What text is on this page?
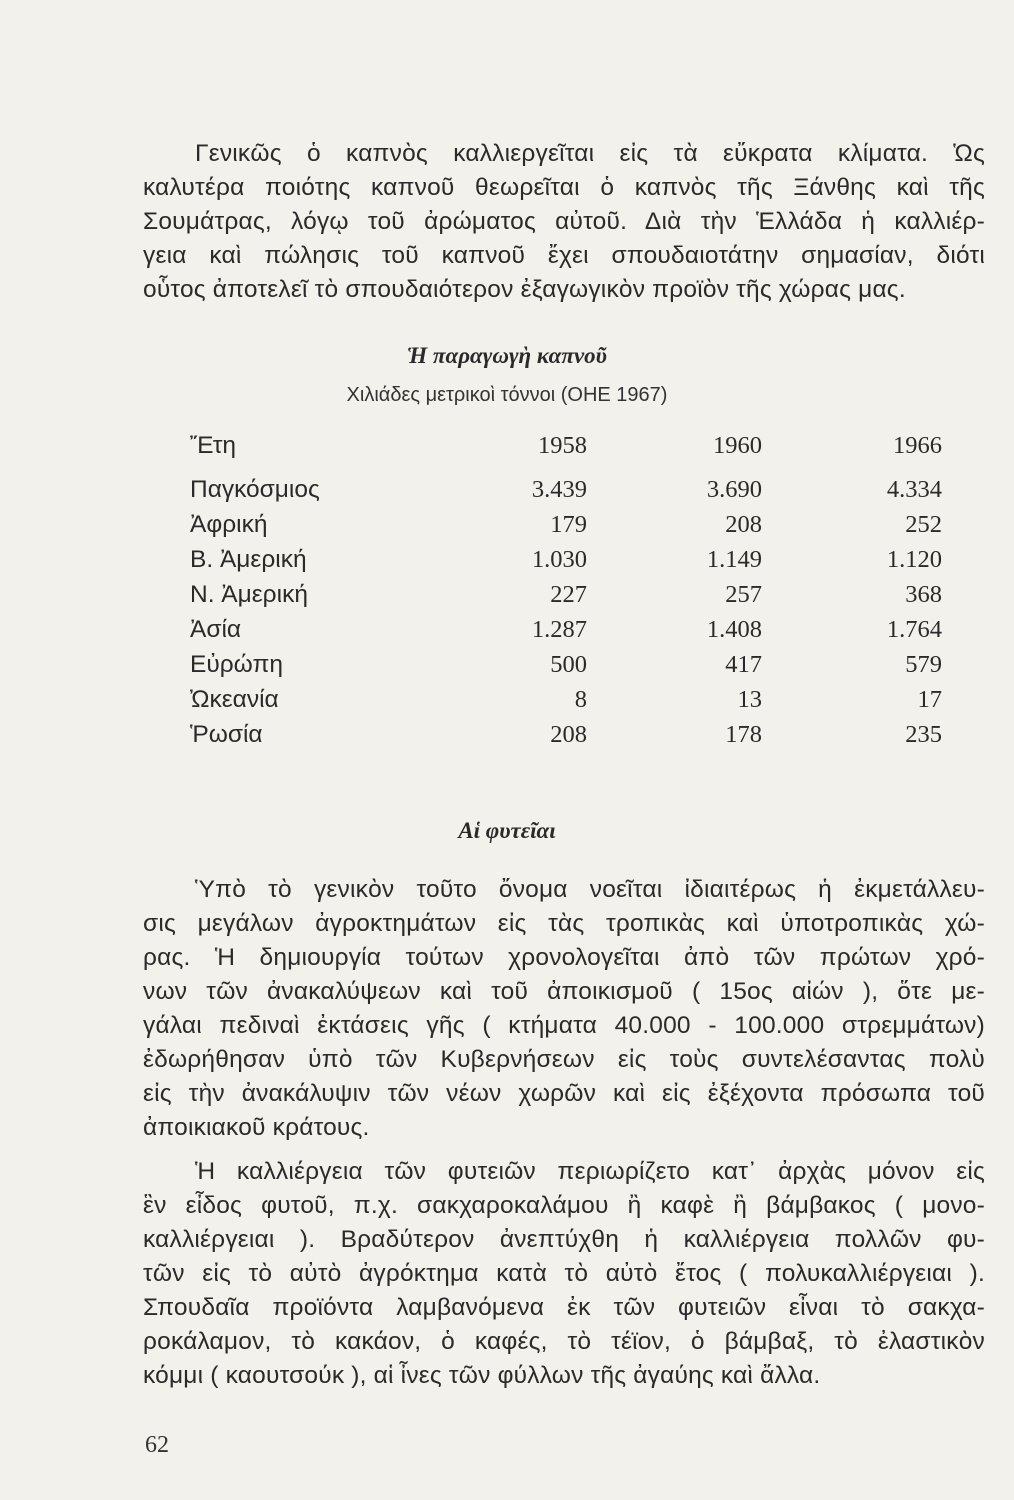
Γενικῶς ὁ καπνὸς καλλιεργεῖται εἰς τὰ εὔκρατα κλίματα. Ὡς
καλυτέρα ποιότης καπνοῦ θεωρεῖται ὁ καπνὸς τῆς Ξάνθης καὶ τῆς
Σουμάτρας, λόγῳ τοῦ ἀρώματος αὐτοῦ. Διὰ τὴν Ἑλλάδα ἡ καλλιέρ-
γεια καὶ πώλησις τοῦ καπνοῦ ἔχει σπουδαιοτάτην σημασίαν, διότι
οὗτος ἀποτελεῖ τὸ σπουδαιότερον ἐξαγωγικὸν προϊὸν τῆς χώρας μας.
Ἡ παραγωγὴ καπνοῦ
Χιλιάδες μετρικοὶ τόννοι (ΟΗΕ 1967)
Ἔτη	1958	1960	1966
Παγκόσμιος	3.439	3.690	4.334
Ἀφρική	179	208	252
Β. Ἀμερική	1.030	1.149	1.120
Ν. Ἀμερική	227	257	368
Ἀσία	1.287	1.408	1.764
Εὐρώπη	500	417	579
Ὠκεανία	8	13	17
Ῥωσία	208	178	235
Αἱ φυτεῖαι
Ὑπὸ τὸ γενικὸν τοῦτο ὄνομα νοεῖται ἰδιαιτέρως ἡ ἐκμετάλλευ-
σις μεγάλων ἀγροκτημάτων εἰς τὰς τροπικὰς καὶ ὑποτροπικὰς χώ-
ρας. Ἡ δημιουργία τούτων χρονολογεῖται ἀπὸ τῶν πρώτων χρό-
νων τῶν ἀνακαλύψεων καὶ τοῦ ἀποικισμοῦ ( 15ος αἰών ), ὅτε με-
γάλαι πεδιναὶ ἐκτάσεις γῆς ( κτήματα 40.000 - 100.000 στρεμμάτων)
ἐδωρήθησαν ὑπὸ τῶν Κυβερνήσεων εἰς τοὺς συντελέσαντας πολὺ
εἰς τὴν ἀνακάλυψιν τῶν νέων χωρῶν καὶ εἰς ἐξέχοντα πρόσωπα τοῦ
ἀποικιακοῦ κράτους.
Ἡ καλλιέργεια τῶν φυτειῶν περιωρίζετο κατ᾽ ἀρχὰς μόνον εἰς
ἓν εἶδος φυτοῦ, π.χ. σακχαροκαλάμου ἢ καφὲ ἢ βάμβακος ( μονο-
καλλιέργειαι ). Βραδύτερον ἀνεπτύχθη ἡ καλλιέργεια πολλῶν φυ-
τῶν εἰς τὸ αὐτὸ ἀγρόκτημα κατὰ τὸ αὐτὸ ἔτος ( πολυκαλλιέργειαι ).
Σπουδαῖα προϊόντα λαμβανόμενα ἐκ τῶν φυτειῶν εἶναι τὸ σακχα-
ροκάλαμον, τὸ κακάον, ὁ καφές, τὸ τέϊον, ὁ βάμβαξ, τὸ ἐλαστικὸν
κόμμι ( καουτσούκ ), αἱ ἶνες τῶν φύλλων τῆς ἀγαύης καὶ ἄλλα.
62
